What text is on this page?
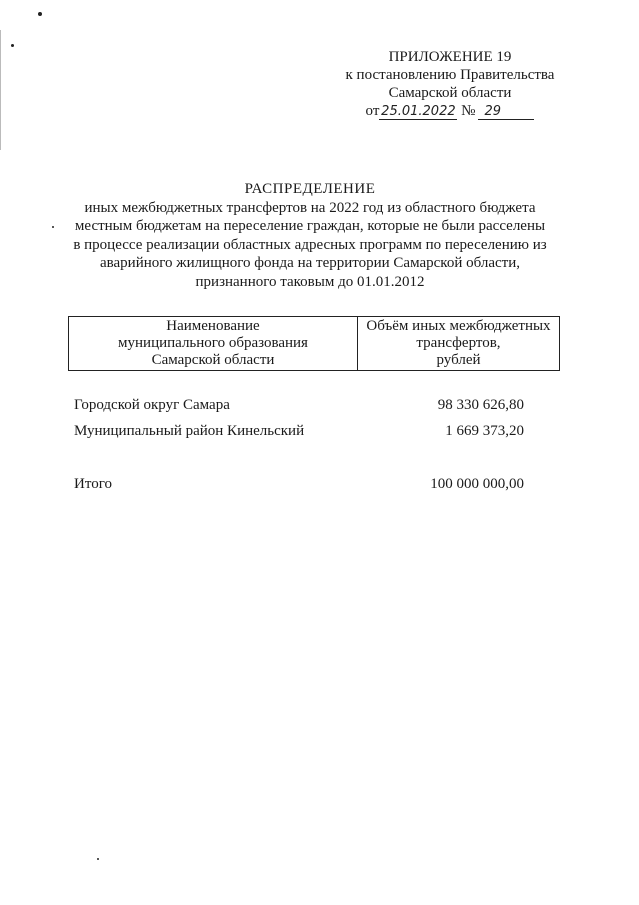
ПРИЛОЖЕНИЕ 19
к постановлению Правительства
Самарской области
от 25.01.2022 № 29
РАСПРЕДЕЛЕНИЕ
иных межбюджетных трансфертов на 2022 год из областного бюджета
местным бюджетам на переселение граждан, которые не были расселены
в процессе реализации областных адресных программ по переселению из
аварийного жилищного фонда на территории Самарской области,
признанного таковым до 01.01.2012
Наименование
муниципального образования
Самарской области

Объём иных межбюджетных
трансфертов,
рублей
Городской округ Самара	98 330 626,80
Муниципальный район Кинельский	1 669 373,20
Итого	100 000 000,00
